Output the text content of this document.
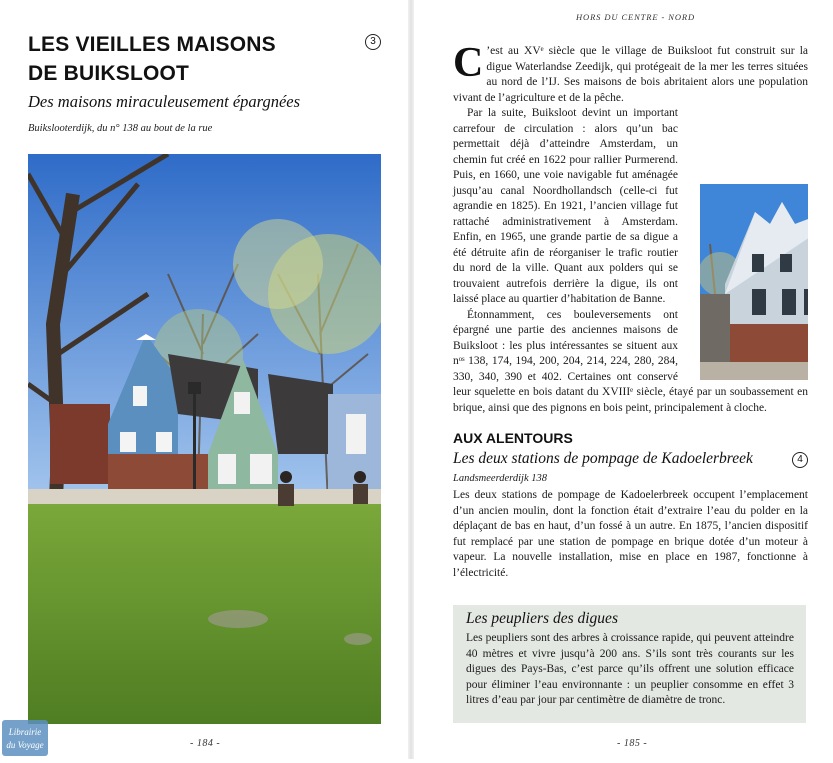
LES VIEILLES MAISONS
DE BUIKSLOOT
3
Des maisons miraculeusement épargnées
Buikslooterdijk, du n° 138 au bout de la rue
- 184 -
HORS DU CENTRE - NORD

C ’est au XVᵉ siècle que le village de Buiksloot fut construit sur la digue Waterlandse Zeedijk, qui protégeait de la mer les terres situées au nord de l’IJ. Ses maisons de bois abritaient alors une population vivant de l’agriculture et de la pêche.

Par la suite, Buiksloot devint un important carrefour de circulation : alors qu’un bac permettait déjà d’atteindre Amsterdam, un chemin fut créé en 1622 pour rallier Purmerend. Puis, en 1660, une voie navigable fut aménagée jusqu’au canal Noordhollandsch (celle-ci fut agrandie en 1825). En 1921, l’ancien village fut rattaché administrativement à Amsterdam. Enfin, en 1965, une grande partie de sa digue a été détruite afin de réorganiser le trafic routier du nord de la ville. Quant aux polders qui se trouvaient autrefois derrière la digue, ils ont laissé place au quartier d’habitation de Banne.

Étonnamment, ces bouleversements ont épargné une partie des anciennes maisons de Buiksloot : les plus intéressantes se situent aux nᵒˢ 138, 174, 194, 200, 204, 214, 224, 280, 284, 330, 340, 390 et 402. Certaines ont conservé leur squelette en bois datant du XVIIIᵉ siècle, étayé par un soubassement en brique, ainsi que des pignons en bois peint, principalement à cloche.

AUX ALENTOURS
Les deux stations de pompage de Kadoelerbreek	4
Landsmeerderdijk 138

Les deux stations de pompage de Kadoelerbreek occupent l’emplacement d’un ancien moulin, dont la fonction était d’extraire l’eau du polder en la déplaçant de bas en haut, d’un fossé à un autre. En 1875, l’ancien dispositif fut remplacé par une station de pompage en brique dotée d’un moteur à vapeur. La nouvelle installation, mise en place en 1987, fonctionne à l’électricité.

Les peupliers des digues
Les peupliers sont des arbres à croissance rapide, qui peuvent atteindre 40 mètres et vivre jusqu’à 200 ans. S’ils sont très courants sur les digues des Pays-Bas, c’est parce qu’ils offrent une solution efficace pour éliminer l’eau environnante : un peuplier consomme en effet 3 litres d’eau par jour par centimètre de diamètre de tronc.
- 185 -
Librairie
du Voyage
